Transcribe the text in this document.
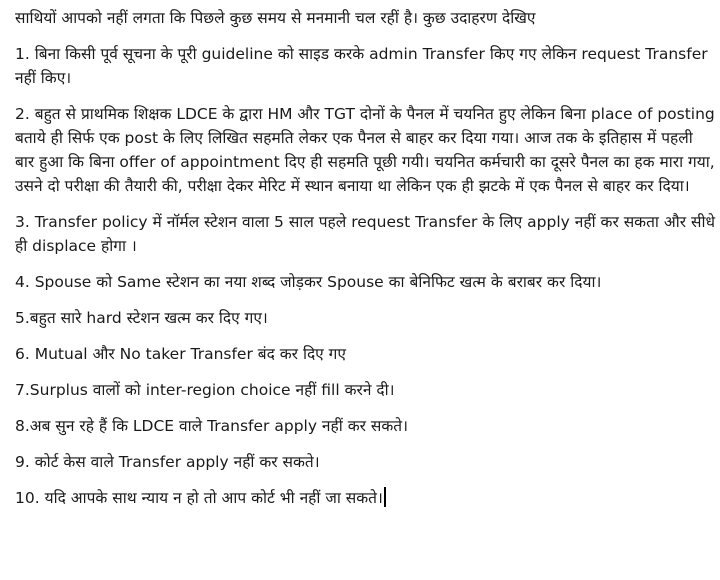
साथियों आपको नहीं लगता कि पिछले कुछ समय से मनमानी चल रहीं है। कुछ उदाहरण देखिए

1. बिना किसी पूर्व सूचना के पूरी guideline को साइड करके admin Transfer किए गए लेकिन request Transfer नहीं किए।

2. बहुत से प्राथमिक शिक्षक LDCE के द्वारा HM और TGT दोनों के पैनल में चयनित हुए लेकिन बिना place of posting बताये ही सिर्फ एक post के लिए लिखित सहमति लेकर एक पैनल से बाहर कर दिया गया। आज तक के इतिहास में पहली बार हुआ कि बिना offer of appointment दिए ही सहमति पूछी गयी। चयनित कर्मचारी का दूसरे पैनल का हक मारा गया, उसने दो परीक्षा की तैयारी की, परीक्षा देकर मेरिट में स्थान बनाया था लेकिन एक ही झटके में एक पैनल से बाहर कर दिया।

3. Transfer policy में नॉर्मल स्टेशन वाला 5 साल पहले request Transfer के लिए apply नहीं कर सकता और सीधे ही displace होगा ।

4. Spouse को Same स्टेशन का नया शब्द जोड़कर Spouse का बेनिफिट खत्म के बराबर कर दिया।

5.बहुत सारे hard स्टेशन खत्म कर दिए गए।

6. Mutual और No taker Transfer बंद कर दिए गए

7.Surplus वालों को inter-region choice नहीं fill करने दी।

8.अब सुन रहे हैं कि LDCE वाले Transfer apply नहीं कर सकते।

9. कोर्ट केस वाले Transfer apply नहीं कर सकते।

10. यदि आपके साथ न्याय न हो तो आप कोर्ट भी नहीं जा सकते।
